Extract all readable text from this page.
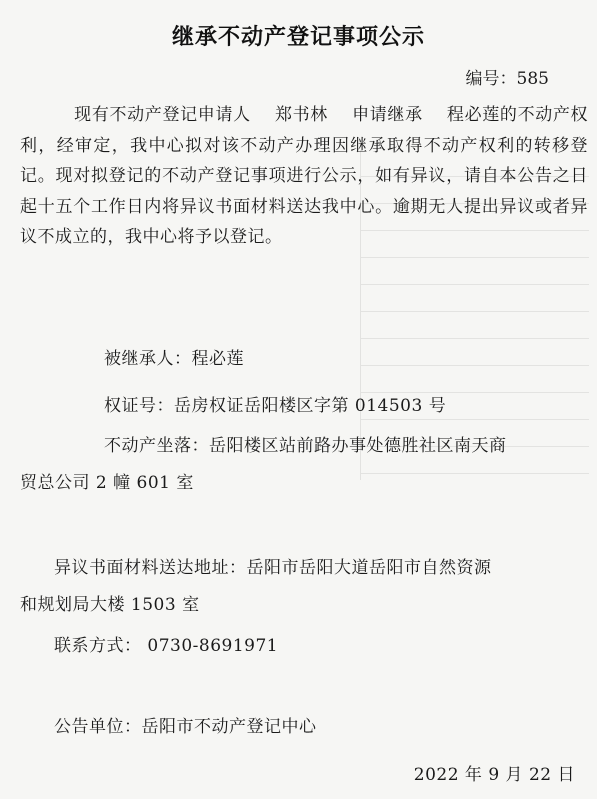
继承不动产登记事项公示
编号：585
现有不动产登记申请人 郑书林 申请继承 程必莲的不动产权利，经审定，我中心拟对该不动产办理因继承取得不动产权利的转移登记。现对拟登记的不动产登记事项进行公示，如有异议，请自本公告之日起十五个工作日内将异议书面材料送达我中心。逾期无人提出异议或者异议不成立的，我中心将予以登记。
被继承人：程必莲
权证号：岳房权证岳阳楼区字第 014503 号
不动产坐落：岳阳楼区站前路办事处德胜社区南天商
贸总公司 2 幢 601 室
异议书面材料送达地址：岳阳市岳阳大道岳阳市自然资源
和规划局大楼 1503 室
联系方式： 0730-8691971
公告单位：岳阳市不动产登记中心
2022 年 9 月 22 日
